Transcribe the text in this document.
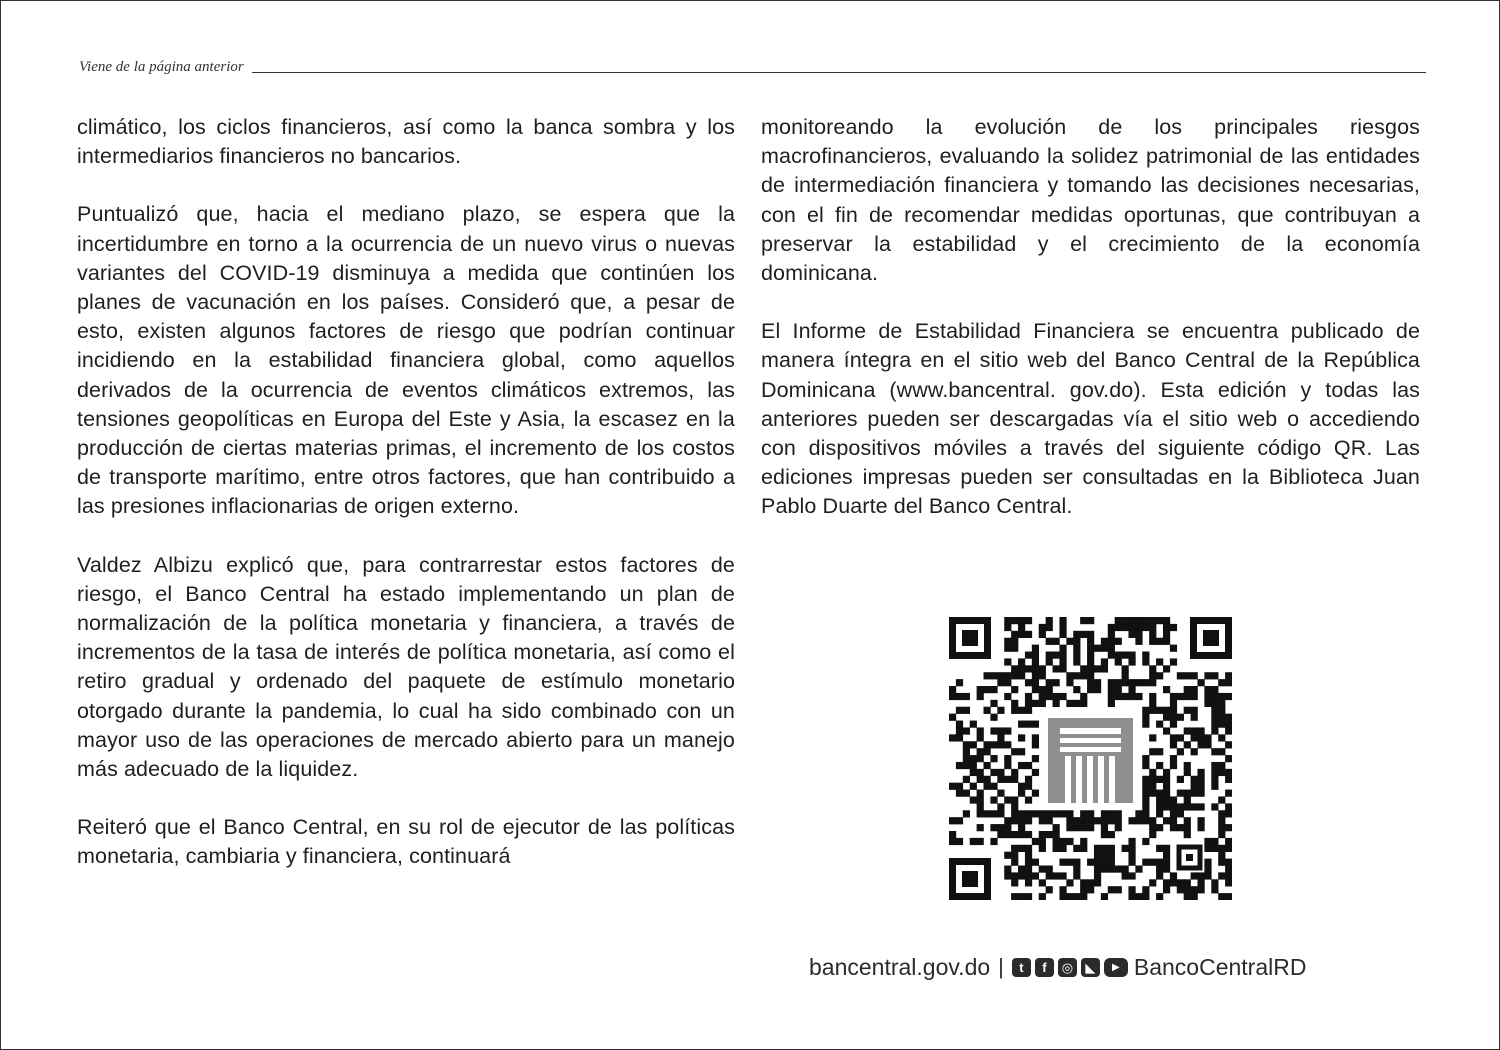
Viene de la página anterior

climático, los ciclos financieros, así como la banca sombra y los intermediarios financieros no bancarios.

Puntualizó que, hacia el mediano plazo, se espera que la incertidumbre en torno a la ocurrencia de un nuevo virus o nuevas variantes del COVID-19 disminuya a medida que continúen los planes de vacunación en los países. Consideró que, a pesar de esto, existen algunos factores de riesgo que podrían continuar incidiendo en la estabilidad financiera global, como aquellos derivados de la ocurrencia de eventos climáticos extremos, las tensiones geopolíticas en Europa del Este y Asia, la escasez en la producción de ciertas materias primas, el incremento de los costos de transporte marítimo, entre otros factores, que han contribuido a las presiones inflacionarias de origen externo.

Valdez Albizu explicó que, para contrarrestar estos factores de riesgo, el Banco Central ha estado implementando un plan de normalización de la política monetaria y financiera, a través de incrementos de la tasa de interés de política monetaria, así como el retiro gradual y ordenado del paquete de estímulo monetario otorgado durante la pandemia, lo cual ha sido combinado con un mayor uso de las operaciones de mercado abierto para un manejo más adecuado de la liquidez.

Reiteró que el Banco Central, en su rol de ejecutor de las políticas monetaria, cambiaria y financiera, continuará

monitoreando la evolución de los principales riesgos macrofinancieros, evaluando la solidez patrimonial de las entidades de intermediación financiera y tomando las decisiones necesarias, con el fin de recomendar medidas oportunas, que contribuyan a preservar la estabilidad y el crecimiento de la economía dominicana.

El Informe de Estabilidad Financiera se encuentra publicado de manera íntegra en el sitio web del Banco Central de la República Dominicana (www.bancentral. gov.do). Esta edición y todas las anteriores pueden ser descargadas vía el sitio web o accediendo con dispositivos móviles a través del siguiente código QR. Las ediciones impresas pueden ser consultadas en la Biblioteca Juan Pablo Duarte del Banco Central.

bancentral.gov.do |	t	f	◎ ◣	▶ BancoCentralRD
